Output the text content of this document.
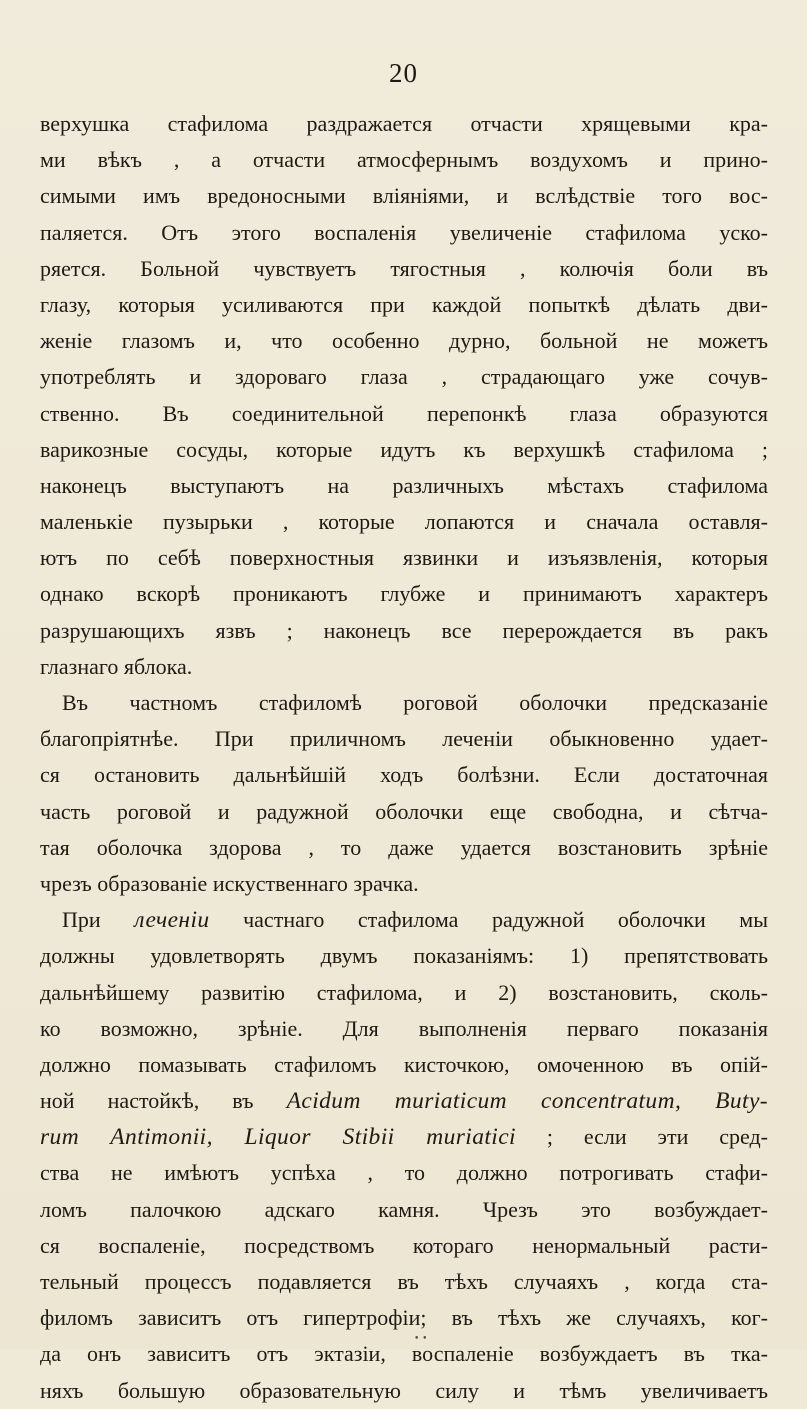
20
верхушка стафилома раздражается отчасти хрящевыми кра-
ми вѣкъ , а отчасти атмосфернымъ воздухомъ и прино-
симыми имъ вредоносными вліяніями, и вслѣдствіе того вос-
паляется. Отъ этого воспаленія увеличеніе стафилома уско-
ряется. Больной чувствуетъ тягостныя , колючія боли въ
глазу, которыя усиливаются при каждой попыткѣ дѣлать дви-
женіе глазомъ и, что особенно дурно, больной не можетъ
употреблять и здороваго глаза , страдающаго уже сочув-
ственно. Въ соединительной перепонкѣ глаза образуются
варикозные сосуды, которые идутъ къ верхушкѣ стафилома ;
наконецъ выступаютъ на различныхъ мѣстахъ стафилома
маленькіе пузырьки , которые лопаются и сначала оставля-
ютъ по себѣ поверхностныя язвинки и изъязвленія, которыя
однако вскорѣ проникаютъ глубже и принимаютъ характеръ
разрушающихъ язвъ ; наконецъ все перерождается въ ракъ
глазнаго яблока.
Въ частномъ стафиломѣ роговой оболочки предсказаніе
благопріятнѣе. При приличномъ леченіи обыкновенно удает-
ся остановить дальнѣйшій ходъ болѣзни. Если достаточная
часть роговой и радужной оболочки еще свободна, и сѣтча-
тая оболочка здорова , то даже удается возстановить зрѣніе
чрезъ образованіе искуственнаго зрачка.
При леченіи частнаго стафилома радужной оболочки мы
должны удовлетворять двумъ показаніямъ: 1) препятствовать
дальнѣйшему развитію стафилома, и 2) возстановить, сколь-
ко возможно, зрѣніе. Для выполненія перваго показанія
должно помазывать стафиломъ кисточкою, омоченною въ опій-
ной настойкѣ, въ Acidum muriaticum concentratum, Buty-
rum Antimonii, Liquor Stibii muriatici ; если эти сред-
ства не имѣютъ успѣха , то должно потрогивать стафи-
ломъ палочкою адскаго камня. Чрезъ это возбуждает-
ся воспаленіе, посредствомъ котораго ненормальный расти-
тельный процессъ подавляется въ тѣхъ случаяхъ , когда ста-
филомъ зависитъ отъ гипертрофіи; въ тѣхъ же случаяхъ, ког-
да онъ зависитъ отъ эктазіи, воспаленіе возбуждаетъ въ тка-
няхъ большую образовательную силу и тѣмъ увеличиваетъ
• •
